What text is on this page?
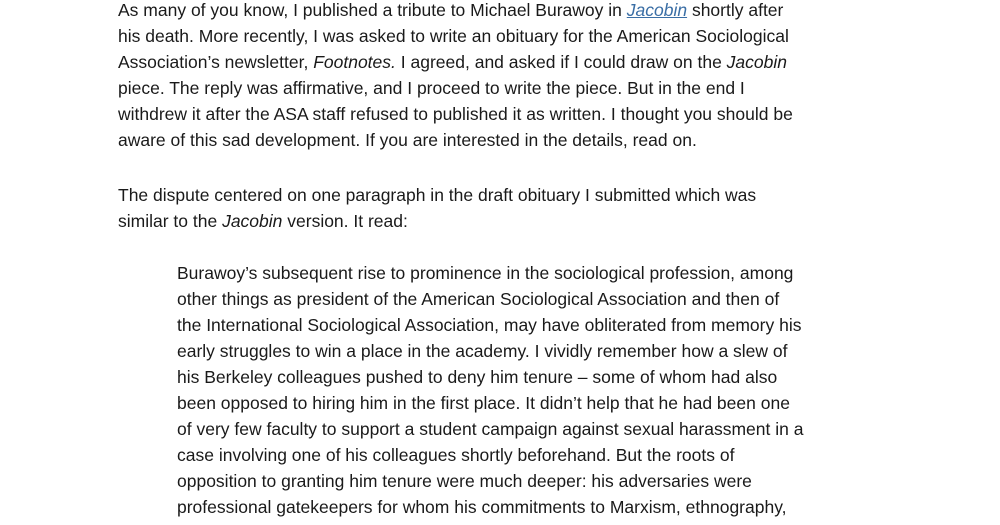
As many of you know, I published a tribute to Michael Burawoy in Jacobin shortly after
his death. More recently, I was asked to write an obituary for the American Sociological
Association’s newsletter, Footnotes. I agreed, and asked if I could draw on the Jacobin
piece. The reply was affirmative, and I proceed to write the piece. But in the end I
withdrew it after the ASA staff refused to published it as written. I thought you should be
aware of this sad development. If you are interested in the details, read on.

The dispute centered on one paragraph in the draft obituary I submitted which was
similar to the Jacobin version. It read:

Burawoy’s subsequent rise to prominence in the sociological profession, among
other things as president of the American Sociological Association and then of
the International Sociological Association, may have obliterated from memory his
early struggles to win a place in the academy. I vividly remember how a slew of
his Berkeley colleagues pushed to deny him tenure – some of whom had also
been opposed to hiring him in the first place. It didn’t help that he had been one
of very few faculty to support a student campaign against sexual harassment in a
case involving one of his colleagues shortly beforehand. But the roots of
opposition to granting him tenure were much deeper: his adversaries were
professional gatekeepers for whom his commitments to Marxism, ethnography,
